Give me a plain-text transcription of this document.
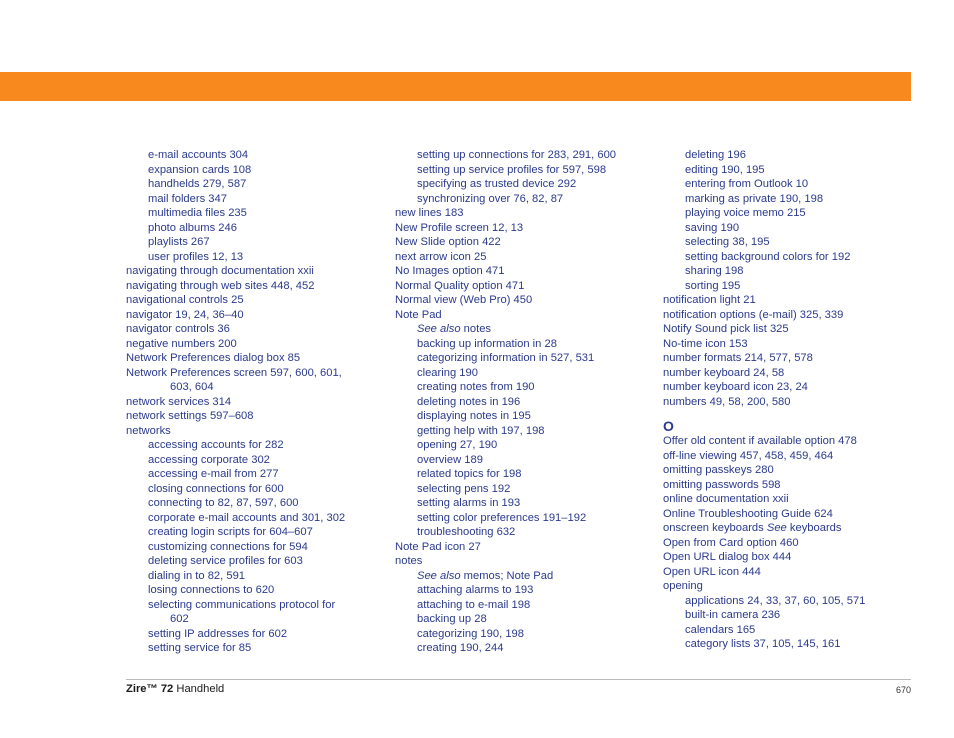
e-mail accounts 304
expansion cards 108
handhelds 279, 587
mail folders 347
multimedia files 235
photo albums 246
playlists 267
user profiles 12, 13
navigating through documentation xxii
navigating through web sites 448, 452
navigational controls 25
navigator 19, 24, 36–40
navigator controls 36
negative numbers 200
Network Preferences dialog box 85
Network Preferences screen 597, 600, 601,
603, 604
network services 314
network settings 597–608
networks
accessing accounts for 282
accessing corporate 302
accessing e-mail from 277
closing connections for 600
connecting to 82, 87, 597, 600
corporate e-mail accounts and 301, 302
creating login scripts for 604–607
customizing connections for 594
deleting service profiles for 603
dialing in to 82, 591
losing connections to 620
selecting communications protocol for
602
setting IP addresses for 602
setting service for 85
setting up connections for 283, 291, 600
setting up service profiles for 597, 598
specifying as trusted device 292
synchronizing over 76, 82, 87
new lines 183
New Profile screen 12, 13
New Slide option 422
next arrow icon 25
No Images option 471
Normal Quality option 471
Normal view (Web Pro) 450
Note Pad
See also notes
backing up information in 28
categorizing information in 527, 531
clearing 190
creating notes from 190
deleting notes in 196
displaying notes in 195
getting help with 197, 198
opening 27, 190
overview 189
related topics for 198
selecting pens 192
setting alarms in 193
setting color preferences 191–192
troubleshooting 632
Note Pad icon 27
notes
See also memos; Note Pad
attaching alarms to 193
attaching to e-mail 198
backing up 28
categorizing 190, 198
creating 190, 244
deleting 196
editing 190, 195
entering from Outlook 10
marking as private 190, 198
playing voice memo 215
saving 190
selecting 38, 195
setting background colors for 192
sharing 198
sorting 195
notification light 21
notification options (e-mail) 325, 339
Notify Sound pick list 325
No-time icon 153
number formats 214, 577, 578
number keyboard 24, 58
number keyboard icon 23, 24
numbers 49, 58, 200, 580
O
Offer old content if available option 478
off-line viewing 457, 458, 459, 464
omitting passkeys 280
omitting passwords 598
online documentation xxii
Online Troubleshooting Guide 624
onscreen keyboards See keyboards
Open from Card option 460
Open URL dialog box 444
Open URL icon 444
opening
applications 24, 33, 37, 60, 105, 571
built-in camera 236
calendars 165
category lists 37, 105, 145, 161
Zire™ 72 Handheld	670
